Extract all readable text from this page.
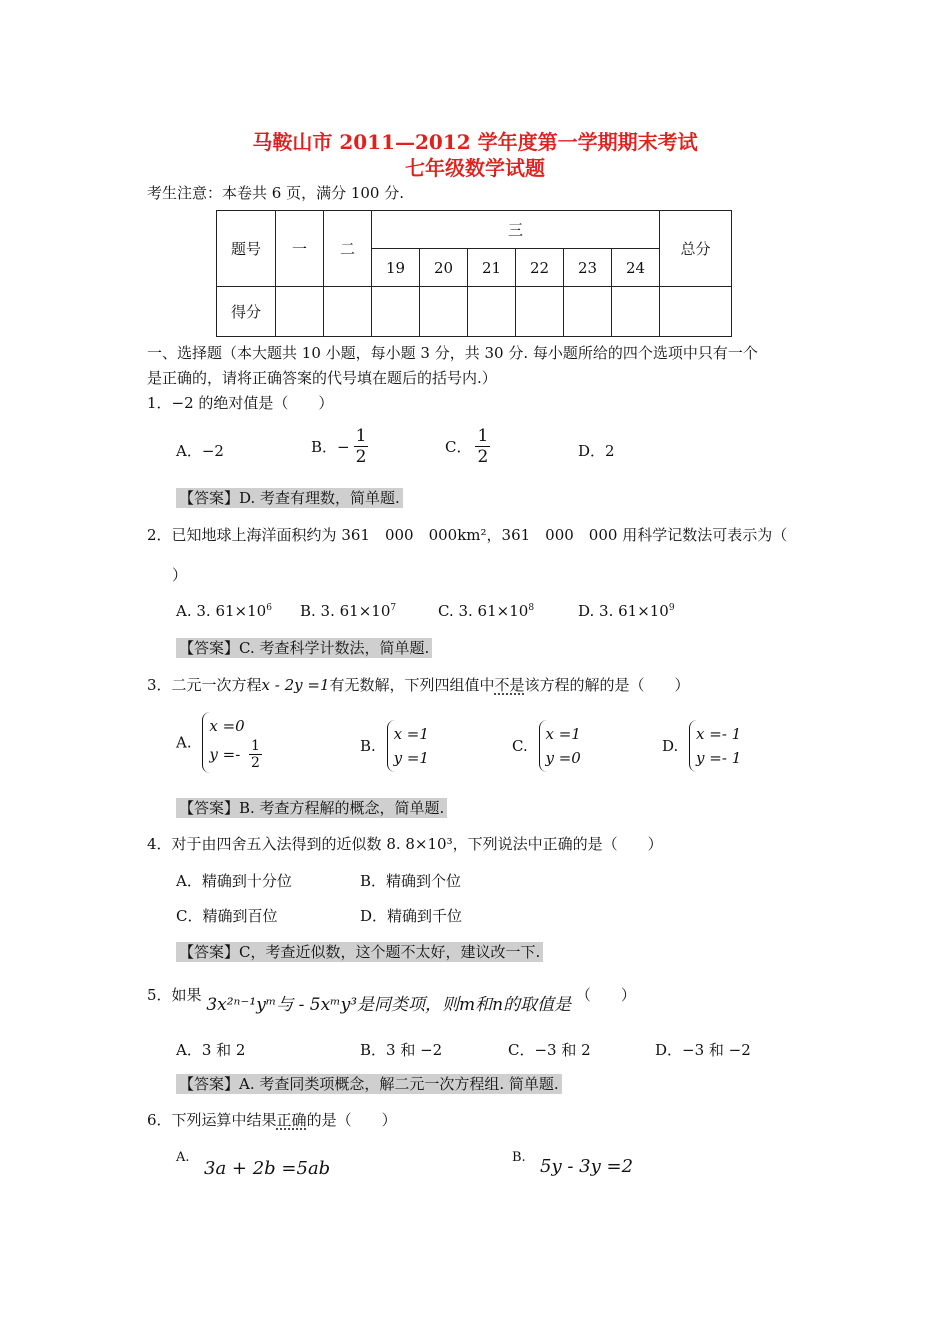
马鞍山市 2011—2012 学年度第一学期期末考试
七年级数学试题
考生注意：本卷共 6 页，满分 100 分.
题号	一	二	三						总分
			19	20	21	22	23	24	
得分									
一、选择题（本大题共 10 小题，每小题 3 分，共 30 分. 每小题所给的四个选项中只有一个
是正确的，请将正确答案的代号填在题后的括号内.）
1．−2 的绝对值是（　　）
A．−2	B．− $\frac{1}{2}$	C． $\frac{1}{2}$	D．2
【答案】D. 考查有理数，简单题.
2．已知地球上海洋面积约为 361　000　000km²，361　000　000 用科学记数法可表示为（
）
A. 3. $61\times 10^6$ B. 3. $61\times 10^7$	C. 3. $61\times 10^8$	D. 3. $61\times 10^9$
【答案】C. 考查科学计数法，简单题.
3．二元一次方程x - 2y =1有无数解，下列四组值中不是该方程的解的是（　　）
A.
x =0
$y =- \frac{1}{2}$	B.
x =1
y =1
C.
x =1
y =0
D.
x =- 1
y =- 1
【答案】B. 考查方程解的概念，简单题.
4．对于由四舍五入法得到的近似数 8. 8×10³，下列说法中正确的是（　　）
A．精确到十分位	B．精确到个位
C．精确到百位	D．精确到千位
【答案】C，考查近似数，这个题不太好，建议改一下.
5．如果 3x²ⁿ⁻¹yᵐ与 - 5xᵐy³是同类项，则m和n的取值是 （　　）
A．3 和 2	B．3 和 −2	C．−3 和 2	D．−3 和 −2
【答案】A. 考查同类项概念，解二元一次方程组. 简单题.
6．下列运算中结果正确的是（　　）
A.
3a + 2b =5ab
B. 5y - 3y =2
